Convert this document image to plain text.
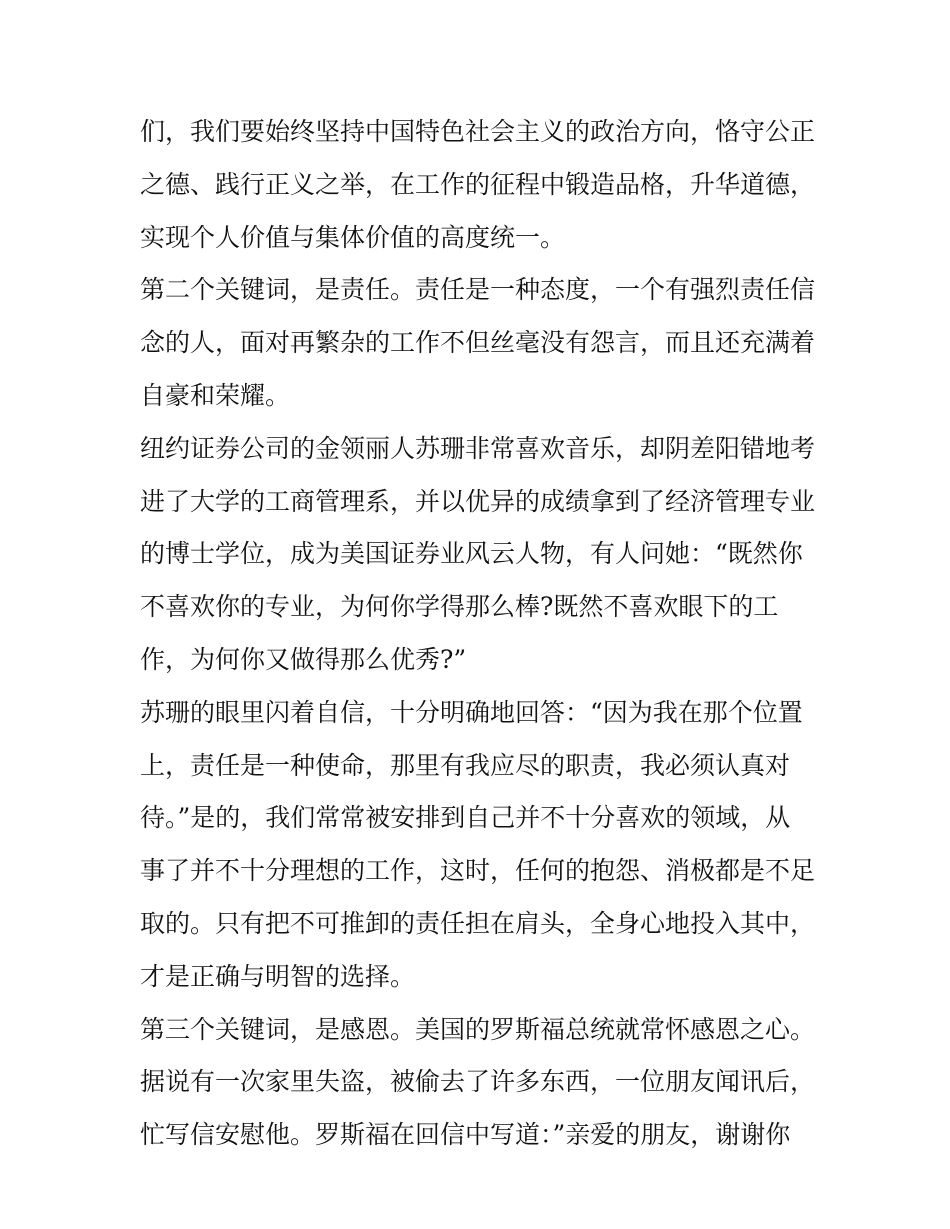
们，我们要始终坚持中国特色社会主义的政治方向，恪守公正
之德、践行正义之举，在工作的征程中锻造品格，升华道德，
实现个人价值与集体价值的高度统一。
第二个关键词，是责任。责任是一种态度，一个有强烈责任信
念的人，面对再繁杂的工作不但丝毫没有怨言，而且还充满着
自豪和荣耀。
纽约证券公司的金领丽人苏珊非常喜欢音乐，却阴差阳错地考
进了大学的工商管理系，并以优异的成绩拿到了经济管理专业
的博士学位，成为美国证券业风云人物，有人问她：“既然你
不喜欢你的专业，为何你学得那么棒?既然不喜欢眼下的工
作，为何你又做得那么优秀?”
苏珊的眼里闪着自信，十分明确地回答：“因为我在那个位置
上，责任是一种使命，那里有我应尽的职责，我必须认真对
待。”是的，我们常常被安排到自己并不十分喜欢的领域，从
事了并不十分理想的工作，这时，任何的抱怨、消极都是不足
取的。只有把不可推卸的责任担在肩头，全身心地投入其中，
才是正确与明智的选择。
第三个关键词，是感恩。美国的罗斯福总统就常怀感恩之心。
据说有一次家里失盗，被偷去了许多东西，一位朋友闻讯后，
忙写信安慰他。罗斯福在回信中写道：”亲爱的朋友，谢谢你
